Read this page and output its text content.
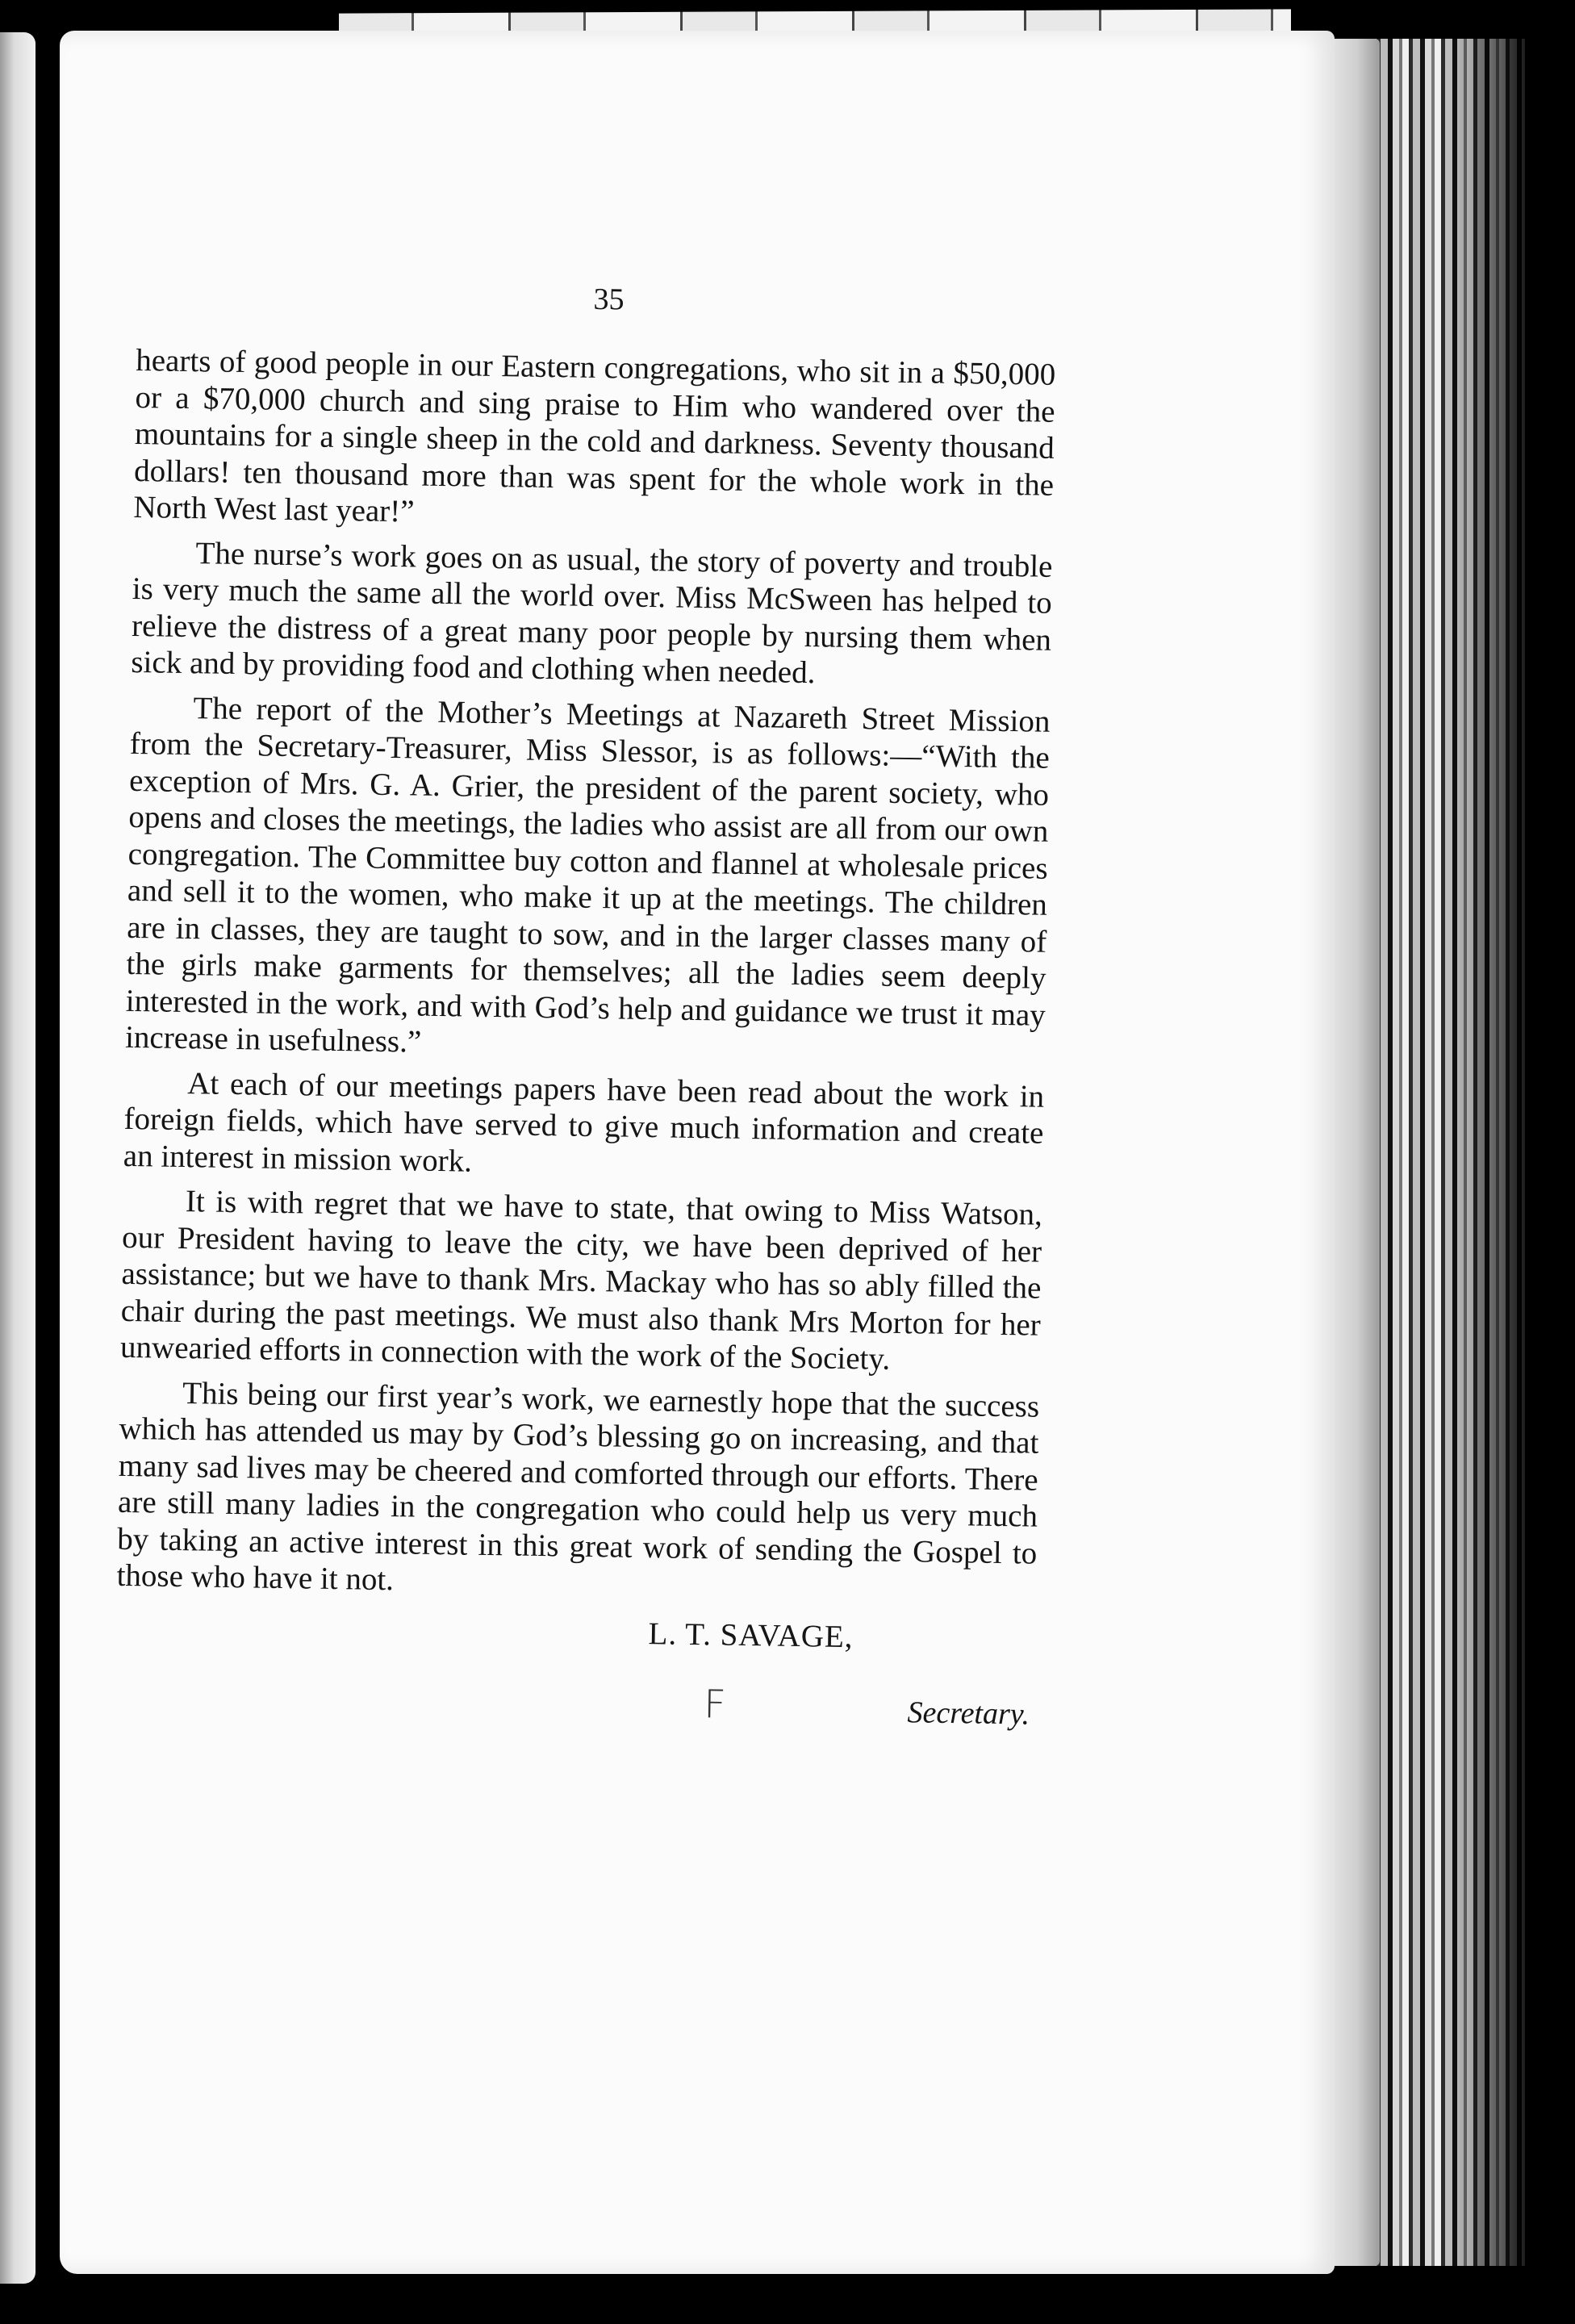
35

hearts of good people in our Eastern congregations, who sit in a $50,000 or a $70,000 church and sing praise to Him who wandered over the mountains for a single sheep in the cold and darkness. Seventy thousand dollars! ten thousand more than was spent for the whole work in the North West last year!”

The nurse’s work goes on as usual, the story of poverty and trouble is very much the same all the world over. Miss McSween has helped to relieve the distress of a great many poor people by nursing them when sick and by providing food and clothing when needed.

The report of the Mother’s Meetings at Nazareth Street Mission from the Secretary-Treasurer, Miss Slessor, is as follows:—“With the exception of Mrs. G. A. Grier, the president of the parent society, who opens and closes the meetings, the ladies who assist are all from our own congregation. The Committee buy cotton and flannel at wholesale prices and sell it to the women, who make it up at the meetings. The children are in classes, they are taught to sow, and in the larger classes many of the girls make garments for themselves; all the ladies seem deeply interested in the work, and with God’s help and guidance we trust it may increase in usefulness.”

At each of our meetings papers have been read about the work in foreign fields, which have served to give much information and create an interest in mission work.

It is with regret that we have to state, that owing to Miss Watson, our President having to leave the city, we have been deprived of her assistance; but we have to thank Mrs. Mackay who has so ably filled the chair during the past meetings. We must also thank Mrs Morton for her unwearied efforts in connection with the work of the Society.

This being our first year’s work, we earnestly hope that the success which has attended us may by God’s blessing go on increasing, and that many sad lives may be cheered and comforted through our efforts. There are still many ladies in the congregation who could help us very much by taking an active interest in this great work of sending the Gospel to those who have it not.

L. T. SAVAGE,
F	Secretary.
